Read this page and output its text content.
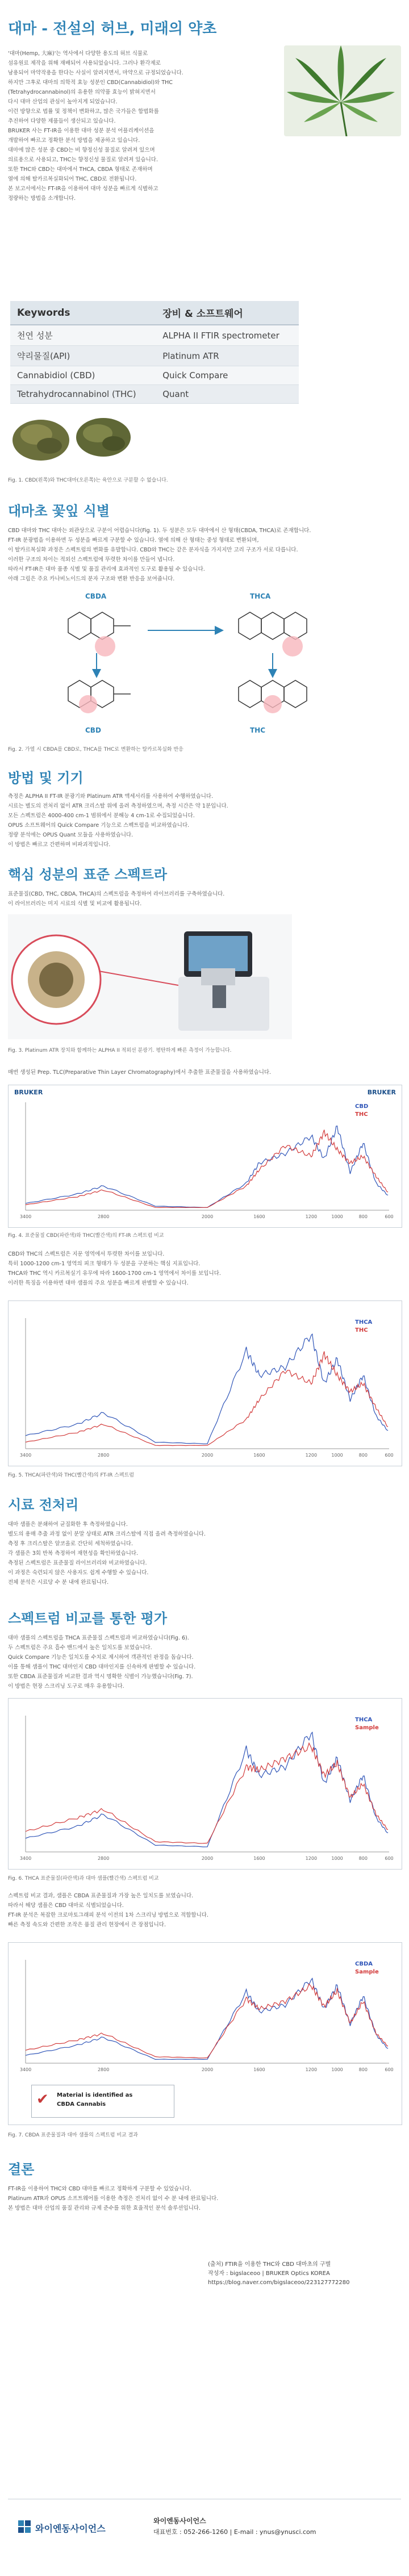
대마 - 전설의 허브, 미래의 약초

'대마(Hemp, 大麻)'는 역사에서 다양한 용도의 허브 식물로

섬유원료 제작을 위해 재배되어 사용되었습니다. 그러나 환각제로

남용되어 마약작용을 한다는 사실이 알려지면서, 마약으로 규정되었습니다.

하지만 그후로 대마의 의학적 효능 성분인 CBD(Cannabidiol)와 THC

(Tetrahydrocannabinol)의 유용한 의약품 효능이 밝혀지면서

다시 대마 산업의 관심이 높아지게 되었습니다.

이런 방향으로 법률 및 정책이 변화하고, 많은 국가들은 합법화를

추진하여 다양한 제품들이 생산되고 있습니다.

BRUKER 사는 FT-IR을 이용한 대마 성분 분석 어플리케이션을

개발하여 빠르고 정확한 분석 방법을 제공하고 있습니다.

대마에 많은 성분 중 CBD는 비 향정신성 물질로 알려져 있으며

의료용으로 사용되고, THC는 향정신성 물질로 알려져 있습니다.

또한 THC와 CBD는 대마에서 THCA, CBDA 형태로 존재하며

열에 의해 탈카르복실화되어 THC, CBD로 전환됩니다.

본 보고서에서는 FT-IR을 이용하여 대마 성분을 빠르게 식별하고

정량하는 방법을 소개합니다.

Keywords	장비 & 소프트웨어
천연 성분	ALPHA II FTIR spectrometer
약리물질(API)	Platinum ATR
Cannabidiol (CBD)	Quick Compare
Tetrahydrocannabinol (THC)	Quant
Fig. 1. CBD(왼쪽)와 THC대마(오른쪽)는 육안으로 구분할 수 없습니다.
대마초 꽃잎 식별

CBD 대마와 THC 대마는 외관상으로 구분이 어렵습니다(Fig. 1). 두 성분은 모두 대마에서 산 형태(CBDA, THCA)로 존재합니다.

FT-IR 분광법을 이용하면 두 성분을 빠르게 구분할 수 있습니다. 열에 의해 산 형태는 중성 형태로 변환되며,

이 탈카르복실화 과정은 스펙트럼의 변화를 유발합니다. CBD와 THC는 같은 분자식을 가지지만 고리 구조가 서로 다릅니다.

이러한 구조의 차이는 적외선 스펙트럼에 뚜렷한 차이를 만들어 냅니다.

따라서 FT-IR은 대마 품종 식별 및 품질 관리에 효과적인 도구로 활용될 수 있습니다.

아래 그림은 주요 카나비노이드의 분자 구조와 변환 반응을 보여줍니다.

CBDA	THCA
CBD	THC
Fig. 2. 가열 시 CBDA를 CBD로, THCA를 THC로 변환하는 탈카르복실화 반응
방법 및 기기

측정은 ALPHA II FT-IR 분광기와 Platinum ATR 액세서리를 사용하여 수행하였습니다.

시료는 별도의 전처리 없이 ATR 크리스탈 위에 올려 측정하였으며, 측정 시간은 약 1분입니다.

모든 스펙트럼은 4000-400 cm-1 범위에서 분해능 4 cm-1로 수집되었습니다.

OPUS 소프트웨어의 Quick Compare 기능으로 스펙트럼을 비교하였습니다.

정량 분석에는 OPUS Quant 모듈을 사용하였습니다.

이 방법은 빠르고 간편하며 비파괴적입니다.

핵심 성분의 표준 스펙트라

표준물질(CBD, THC, CBDA, THCA)의 스펙트럼을 측정하여 라이브러리를 구축하였습니다.

이 라이브러리는 미지 시료의 식별 및 비교에 활용됩니다.

Fig. 3. Platinum ATR 장치와 함께하는 ALPHA II 적외선 분광기. 평탄하게 빠른 측정이 가능합니다.

매번 생성된 Prep. TLC(Preparative Thin Layer Chromatography)에서 추출한 표준물질을 사용하였습니다.

BRUKER	BRUKER
3400	2800	2000	1600	1200	1000	800	600
CBD
THC
Fig. 4. 표준물질 CBD(파란색)와 THC(빨간색)의 FT-IR 스펙트럼 비교

CBD와 THC의 스펙트럼은 지문 영역에서 뚜렷한 차이를 보입니다.

특히 1000-1200 cm-1 영역의 피크 형태가 두 성분을 구분하는 핵심 지표입니다.

THCA와 THC 역시 카르복실기 유무에 따라 1600-1700 cm-1 영역에서 차이를 보입니다.

이러한 특징을 이용하면 대마 샘플의 주요 성분을 빠르게 판별할 수 있습니다.

3400	2800	2000	1600	1200	1000	800	600
THCA
THC
Fig. 5. THCA(파란색)와 THC(빨간색)의 FT-IR 스펙트럼
시료 전처리

대마 샘플은 분쇄하여 균질화한 후 측정하였습니다.

별도의 용매 추출 과정 없이 분말 상태로 ATR 크리스탈에 직접 올려 측정하였습니다.

측정 후 크리스탈은 알코올로 간단히 세척하였습니다.

각 샘플은 3회 반복 측정하여 재현성을 확인하였습니다.

측정된 스펙트럼은 표준물질 라이브러리와 비교하였습니다.

이 과정은 숙련되지 않은 사용자도 쉽게 수행할 수 있습니다.

전체 분석은 시료당 수 분 내에 완료됩니다.

스펙트럼 비교를 통한 평가

대마 샘플의 스펙트럼을 THCA 표준물질 스펙트럼과 비교하였습니다(Fig. 6).

두 스펙트럼은 주요 흡수 밴드에서 높은 일치도를 보였습니다.

Quick Compare 기능은 일치도를 수치로 제시하여 객관적인 판정을 돕습니다.

이를 통해 샘플이 THC 대마인지 CBD 대마인지를 신속하게 판별할 수 있습니다.

또한 CBDA 표준물질과 비교한 결과 역시 명확한 식별이 가능했습니다(Fig. 7).

이 방법은 현장 스크리닝 도구로 매우 유용합니다.

3400	2800	2000	1600	1200	1000	800	600
THCA
Sample
Fig. 6. THCA 표준물질(파란색)과 대마 샘플(빨간색) 스펙트럼 비교

스펙트럼 비교 결과, 샘플은 CBDA 표준물질과 가장 높은 일치도를 보였습니다.

따라서 해당 샘플은 CBD 대마로 식별되었습니다.

FT-IR 분석은 복잡한 크로마토그래피 분석 이전의 1차 스크리닝 방법으로 적합합니다.

빠른 측정 속도와 간편한 조작은 품질 관리 현장에서 큰 장점입니다.

3400	2800	2000	1600	1200	1000	800	600
CBDA
Sample
✔ Material is identified as
CBDA Cannabis
Fig. 7. CBDA 표준물질과 대마 샘플의 스펙트럼 비교 결과
결론

FT-IR을 이용하여 THC와 CBD 대마를 빠르고 정확하게 구분할 수 있었습니다.

Platinum ATR과 OPUS 소프트웨어를 이용한 측정은 전처리 없이 수 분 내에 완료됩니다.

본 방법은 대마 산업의 품질 관리와 규제 준수를 위한 효율적인 분석 솔루션입니다.

(출처) FTIR을 이용한 THC와 CBD 대마초의 구별
작성자 : bigslaceoo | BRUKER Optics KOREA
https://blog.naver.com/bigslaceoo/223127772280
와이엔동사이언스
와이엔동사이언스
대표번호 : 052-266-1260 | E-mail : ynus@ynusci.com
